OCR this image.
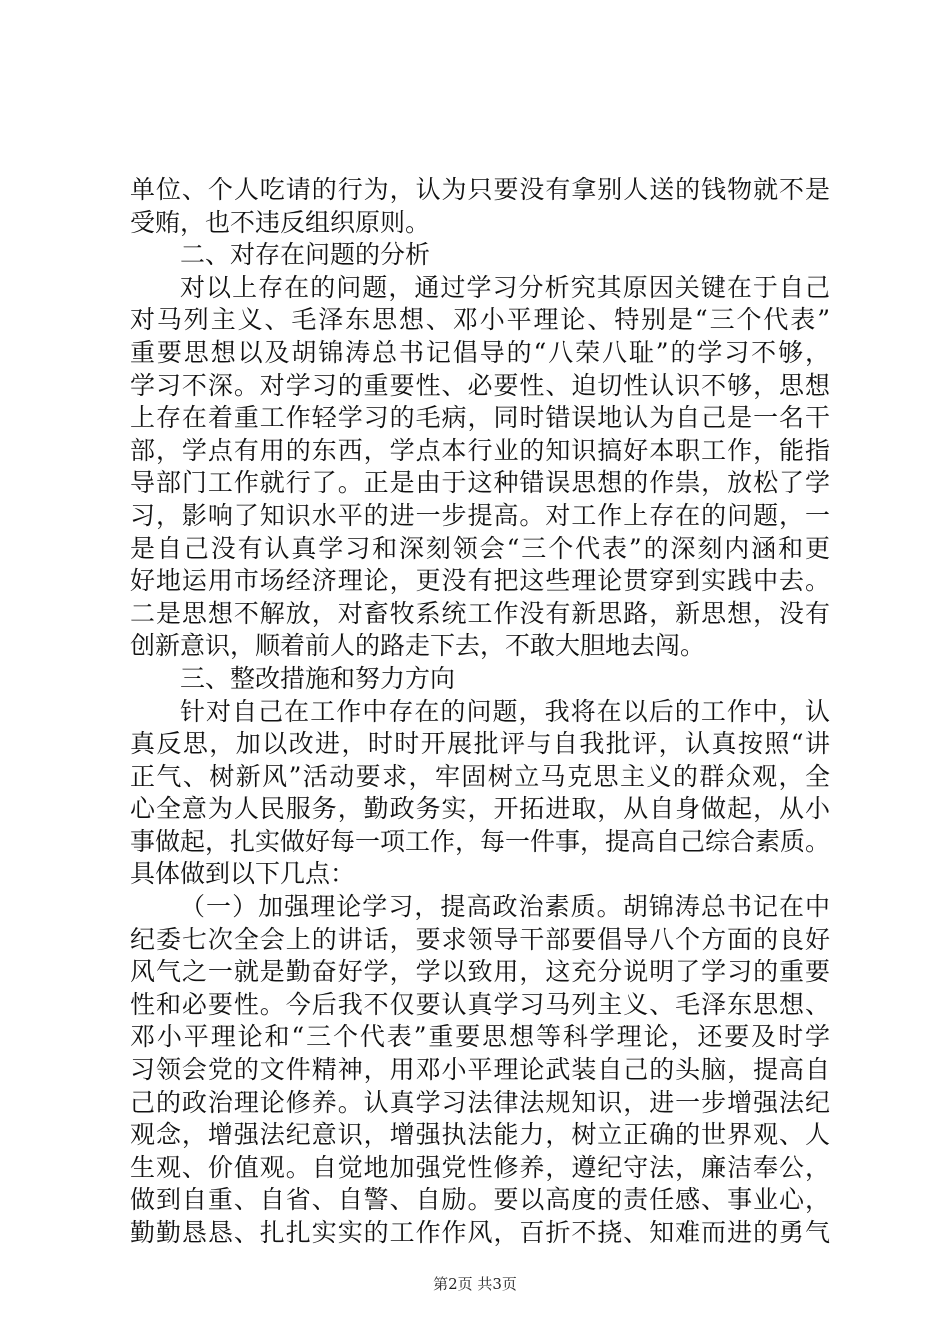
单位、个人吃请的行为，认为只要没有拿别人送的钱物就不是
受贿，也不违反组织原则。
二、对存在问题的分析
对以上存在的问题，通过学习分析究其原因关键在于自己
对马列主义、毛泽东思想、邓小平理论、特别是“三个代表”
重要思想以及胡锦涛总书记倡导的“八荣八耻”的学习不够，
学习不深。对学习的重要性、必要性、迫切性认识不够，思想
上存在着重工作轻学习的毛病，同时错误地认为自己是一名干
部，学点有用的东西，学点本行业的知识搞好本职工作，能指
导部门工作就行了。正是由于这种错误思想的作祟，放松了学
习，影响了知识水平的进一步提高。对工作上存在的问题，一
是自己没有认真学习和深刻领会“三个代表”的深刻内涵和更
好地运用市场经济理论，更没有把这些理论贯穿到实践中去。
二是思想不解放，对畜牧系统工作没有新思路，新思想，没有
创新意识，顺着前人的路走下去，不敢大胆地去闯。
三、整改措施和努力方向
针对自己在工作中存在的问题，我将在以后的工作中，认
真反思，加以改进，时时开展批评与自我批评，认真按照“讲
正气、树新风”活动要求，牢固树立马克思主义的群众观，全
心全意为人民服务，勤政务实，开拓进取，从自身做起，从小
事做起，扎实做好每一项工作，每一件事，提高自己综合素质。
具体做到以下几点：
（一）加强理论学习，提高政治素质。胡锦涛总书记在中
纪委七次全会上的讲话，要求领导干部要倡导八个方面的良好
风气之一就是勤奋好学，学以致用，这充分说明了学习的重要
性和必要性。今后我不仅要认真学习马列主义、毛泽东思想、
邓小平理论和“三个代表”重要思想等科学理论，还要及时学
习领会党的文件精神，用邓小平理论武装自己的头脑，提高自
己的政治理论修养。认真学习法律法规知识，进一步增强法纪
观念，增强法纪意识，增强执法能力，树立正确的世界观、人
生观、价值观。自觉地加强党性修养，遵纪守法，廉洁奉公，
做到自重、自省、自警、自励。要以高度的责任感、事业心，
勤勤恳恳、扎扎实实的工作作风，百折不挠、知难而进的勇气
第2页 共3页
